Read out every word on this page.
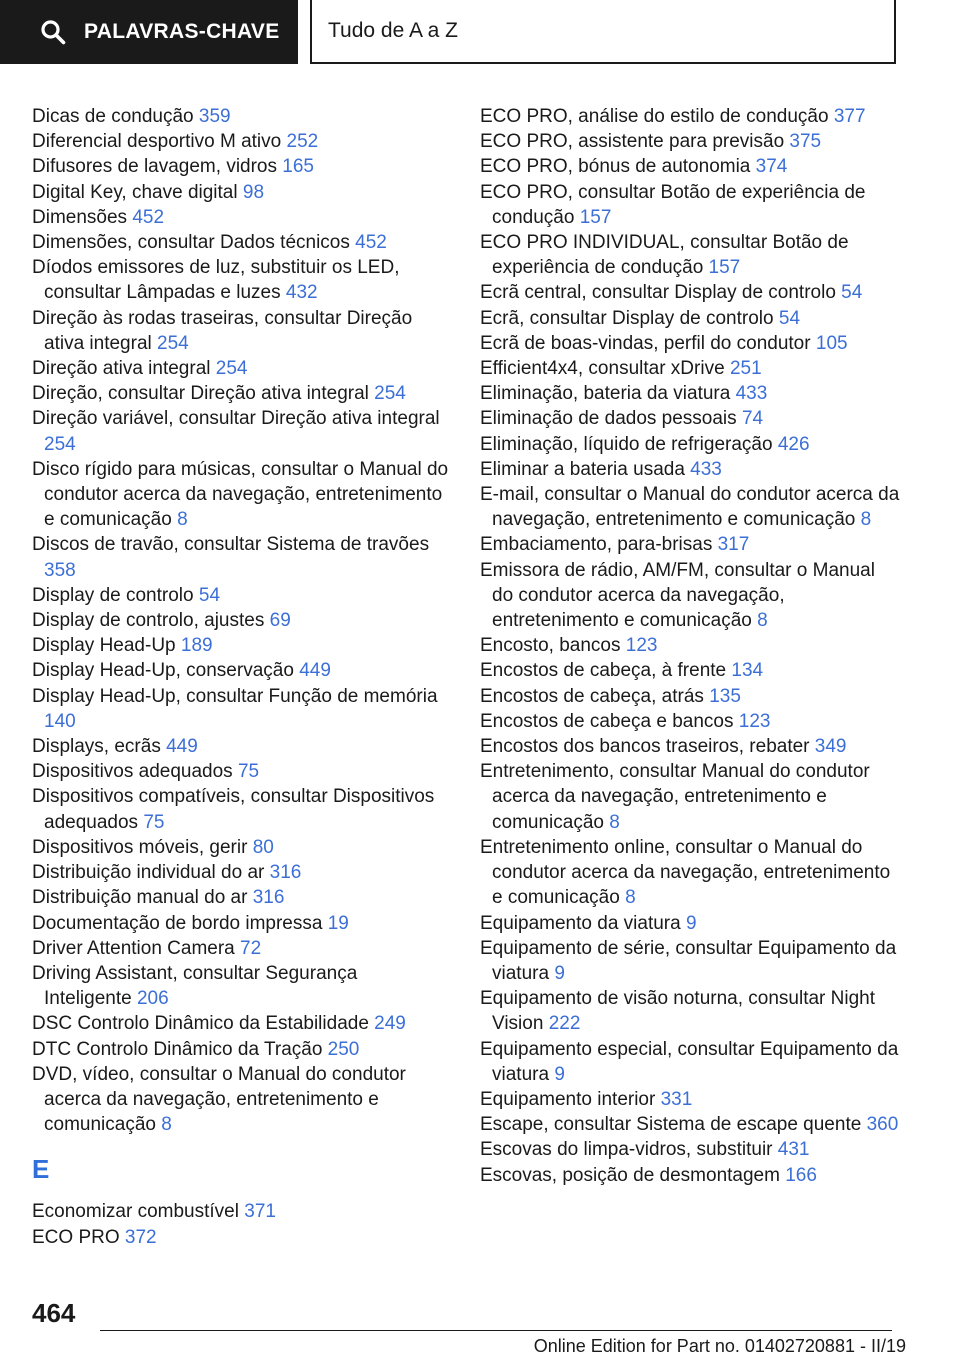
PALAVRAS-CHAVE Tudo de A a Z

Dicas de condução 359

Diferencial desportivo M ativo 252

Difusores de lavagem, vidros 165

Digital Key, chave digital 98

Dimensões 452

Dimensões, consultar Dados técnicos 452

Díodos emissores de luz, substituir os LED, consultar Lâmpadas e luzes 432

Direção às rodas traseiras, consultar Direção ativa integral 254

Direção ativa integral 254

Direção, consultar Direção ativa integral 254

Direção variável, consultar Direção ativa integral 254

Disco rígido para músicas, consultar o Manual do condutor acerca da navegação, entretenimento e comunicação 8

Discos de travão, consultar Sistema de travões 358

Display de controlo 54

Display de controlo, ajustes 69

Display Head-Up 189

Display Head-Up, conservação 449

Display Head-Up, consultar Função de memória 140

Displays, ecrãs 449

Dispositivos adequados 75

Dispositivos compatíveis, consultar Dispositivos adequados 75

Dispositivos móveis, gerir 80

Distribuição individual do ar 316

Distribuição manual do ar 316

Documentação de bordo impressa 19

Driver Attention Camera 72

Driving Assistant, consultar Segurança Inteligente 206

DSC Controlo Dinâmico da Estabilidade 249

DTC Controlo Dinâmico da Tração 250

DVD, vídeo, consultar o Manual do condutor acerca da navegação, entretenimento e comunicação 8

E

Economizar combustível 371

ECO PRO 372

ECO PRO, análise do estilo de condução 377

ECO PRO, assistente para previsão 375

ECO PRO, bónus de autonomia 374

ECO PRO, consultar Botão de experiência de condução 157

ECO PRO INDIVIDUAL, consultar Botão de experiência de condução 157

Ecrã central, consultar Display de controlo 54

Ecrã, consultar Display de controlo 54

Ecrã de boas-vindas, perfil do condutor 105

Efficient4x4, consultar xDrive 251

Eliminação, bateria da viatura 433

Eliminação de dados pessoais 74

Eliminação, líquido de refrigeração 426

Eliminar a bateria usada 433

E-mail, consultar o Manual do condutor acerca da navegação, entretenimento e comunicação 8

Embaciamento, para-brisas 317

Emissora de rádio, AM/FM, consultar o Manual do condutor acerca da navegação, entretenimento e comunicação 8

Encosto, bancos 123

Encostos de cabeça, à frente 134

Encostos de cabeça, atrás 135

Encostos de cabeça e bancos 123

Encostos dos bancos traseiros, rebater 349

Entretenimento, consultar Manual do condutor acerca da navegação, entretenimento e comunicação 8

Entretenimento online, consultar o Manual do condutor acerca da navegação, entretenimento e comunicação 8

Equipamento da viatura 9

Equipamento de série, consultar Equipamento da viatura 9

Equipamento de visão noturna, consultar Night Vision 222

Equipamento especial, consultar Equipamento da viatura 9

Equipamento interior 331

Escape, consultar Sistema de escape quente 360

Escovas do limpa-vidros, substituir 431

Escovas, posição de desmontagem 166

464
Online Edition for Part no. 01402720881 - II/19
